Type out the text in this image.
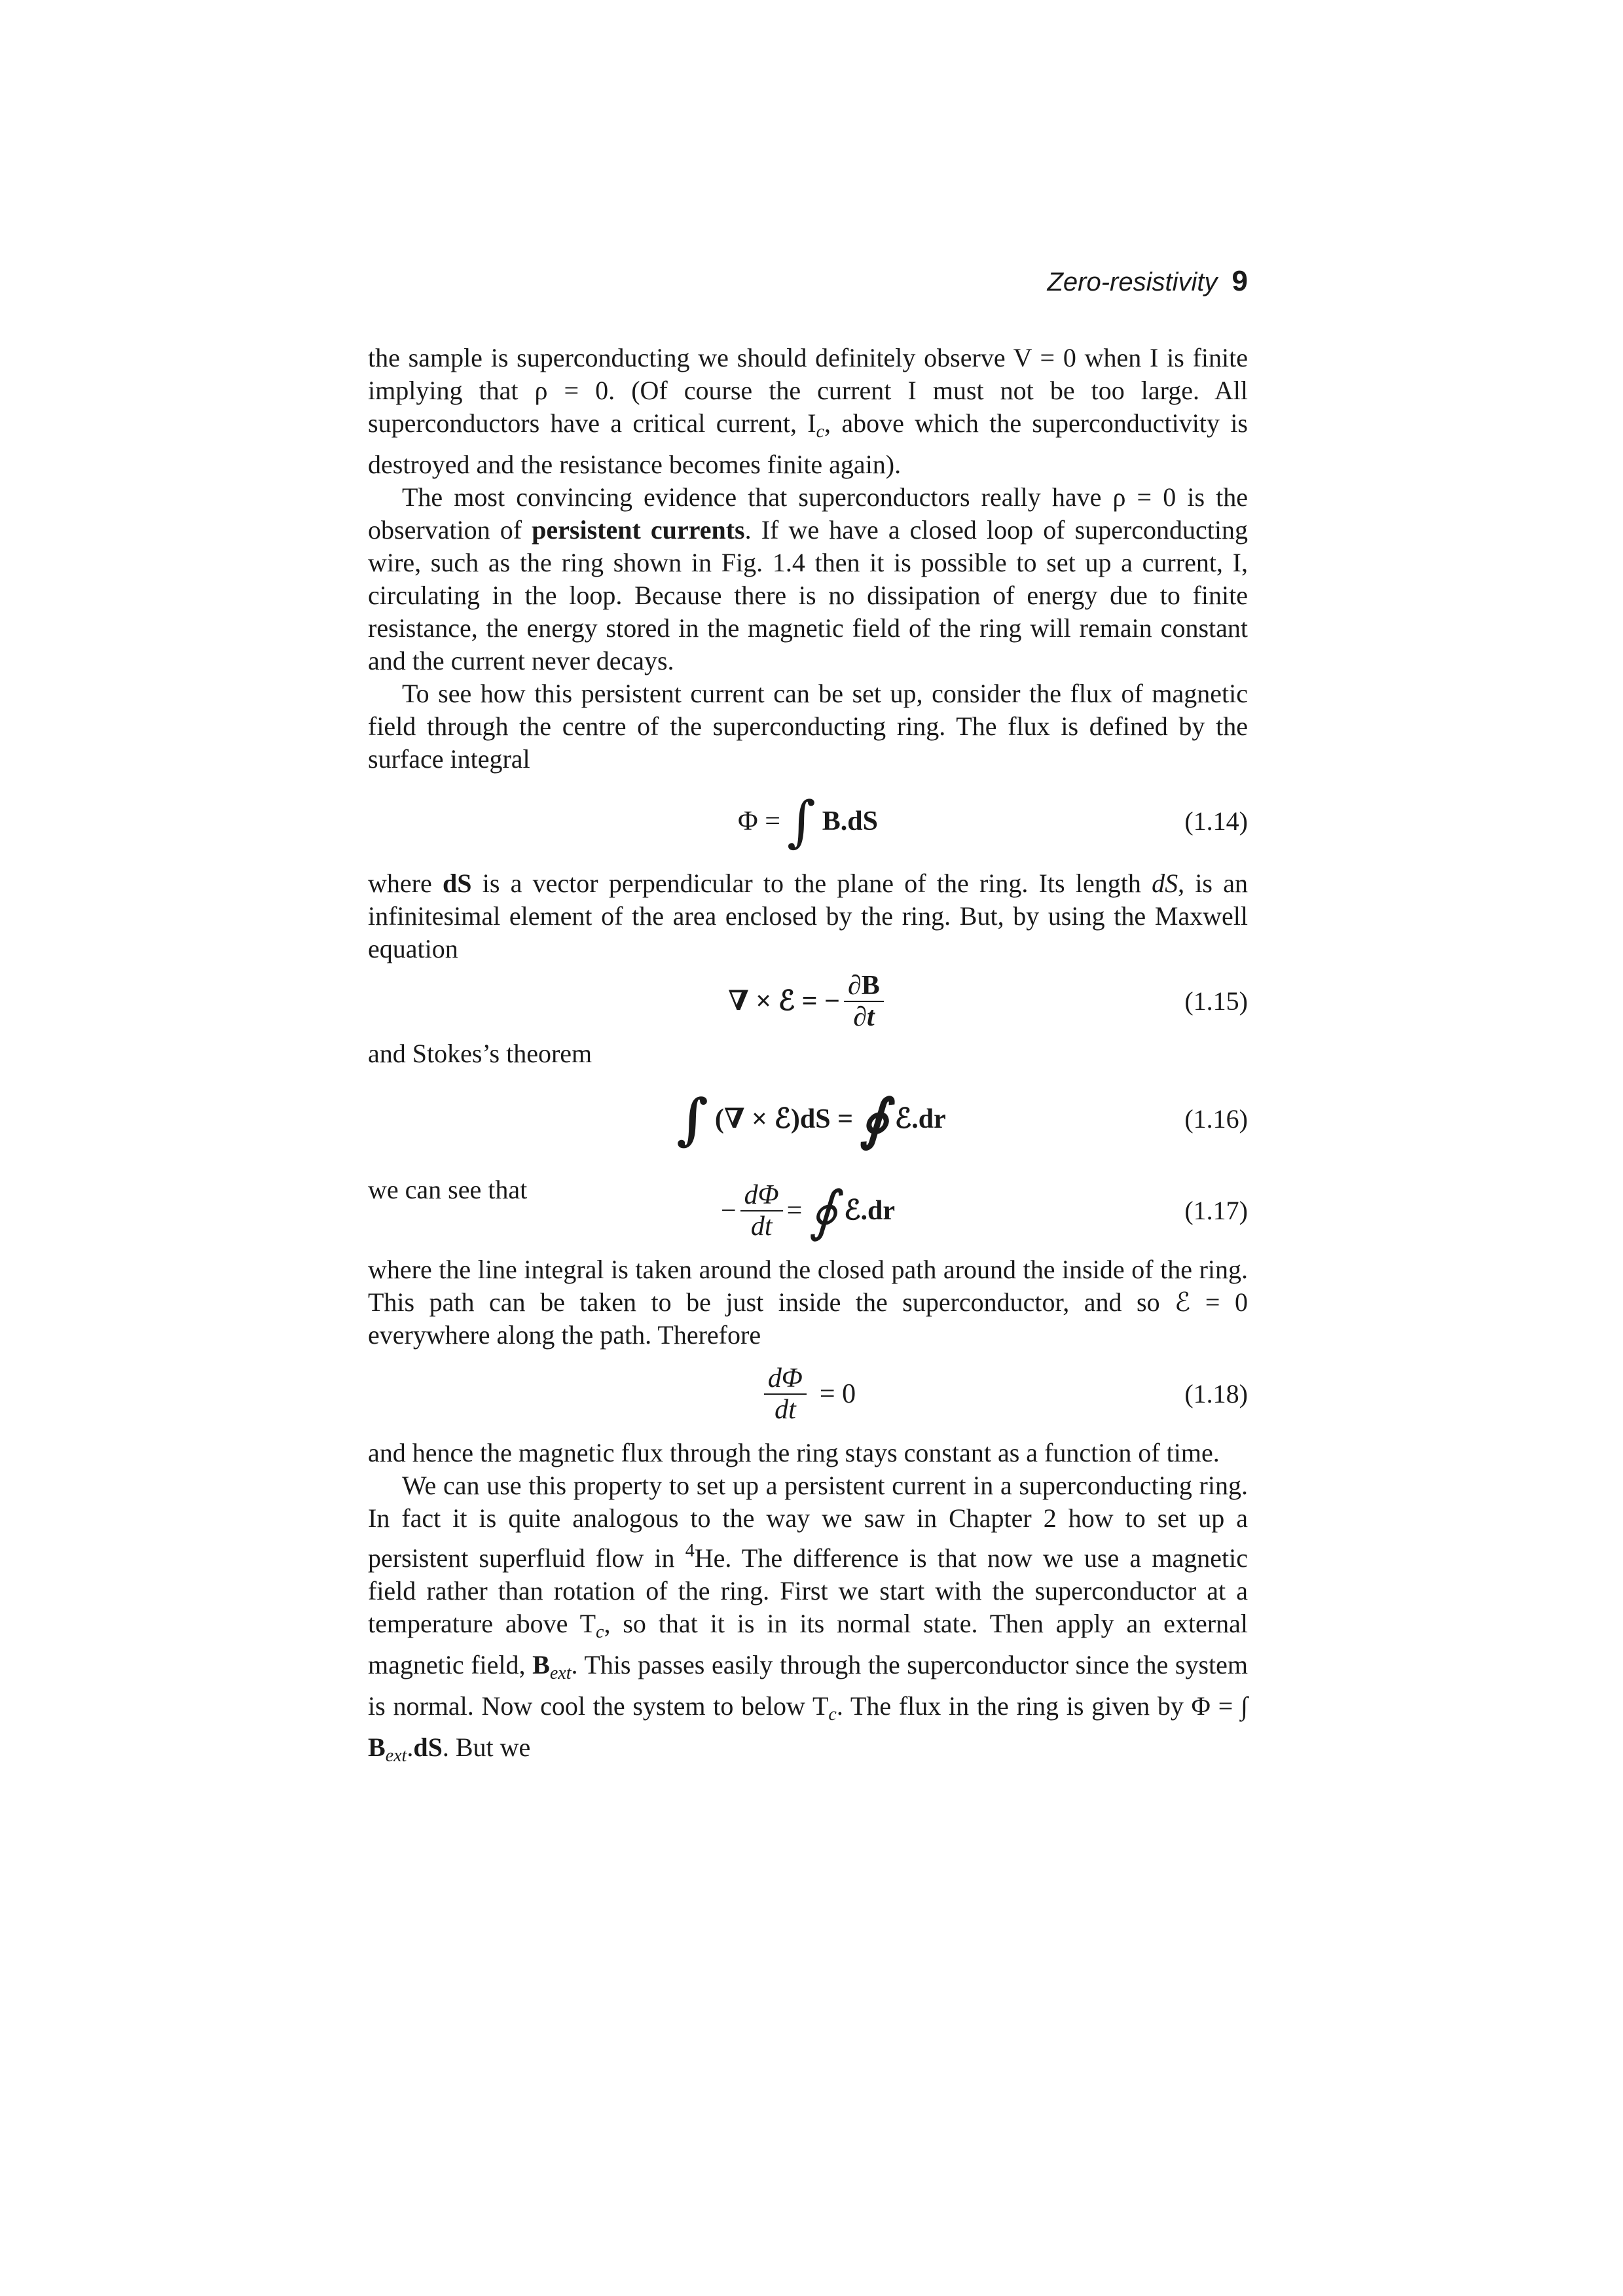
Zero-resistivity 9

the sample is superconducting we should definitely observe V = 0 when I is finite implying that ρ = 0. (Of course the current I must not be too large. All superconductors have a critical current, $I_c$, above which the superconductivity is destroyed and the resistance becomes finite again).

The most convincing evidence that superconductors really have ρ = 0 is the observation of persistent currents. If we have a closed loop of superconducting wire, such as the ring shown in Fig. 1.4 then it is possible to set up a current, I, circulating in the loop. Because there is no dissipation of energy due to finite resistance, the energy stored in the magnetic field of the ring will remain constant and the current never decays.

To see how this persistent current can be set up, consider the flux of magnetic field through the centre of the superconducting ring. The flux is defined by the surface integral

Φ = ∫ B.dS	(1.14)

where dS is a vector perpendicular to the plane of the ring. Its length dS, is an infinitesimal element of the area enclosed by the ring. But, by using the Maxwell equation

∇ × ℰ = − $\frac{\partial B}{\partial t}$	(1.15)

and Stokes’s theorem

∫ (∇ × ℰ)dS = ∮ ℰ.dr	(1.16)
we can see that
− $\frac{d\Phi}{dt}$ = ∮ ℰ.dr	(1.17)

where the line integral is taken around the closed path around the inside of the ring. This path can be taken to be just inside the superconductor, and so ℰ = 0 everywhere along the path. Therefore

$\frac{d\Phi}{dt} = 0$	(1.18)

and hence the magnetic flux through the ring stays constant as a function of time.

We can use this property to set up a persistent current in a superconducting ring. In fact it is quite analogous to the way we saw in Chapter 2 how to set up a persistent superfluid flow in $^4$He. The difference is that now we use a magnetic field rather than rotation of the ring. First we start with the superconductor at a temperature above $T_c$, so that it is in its normal state. Then apply an external magnetic field, $B_{ext}$. This passes easily through the superconductor since the system is normal. Now cool the system to below $T_c$. The flux in the ring is given by Φ = ∫ $B_{ext}.dS$. But we
